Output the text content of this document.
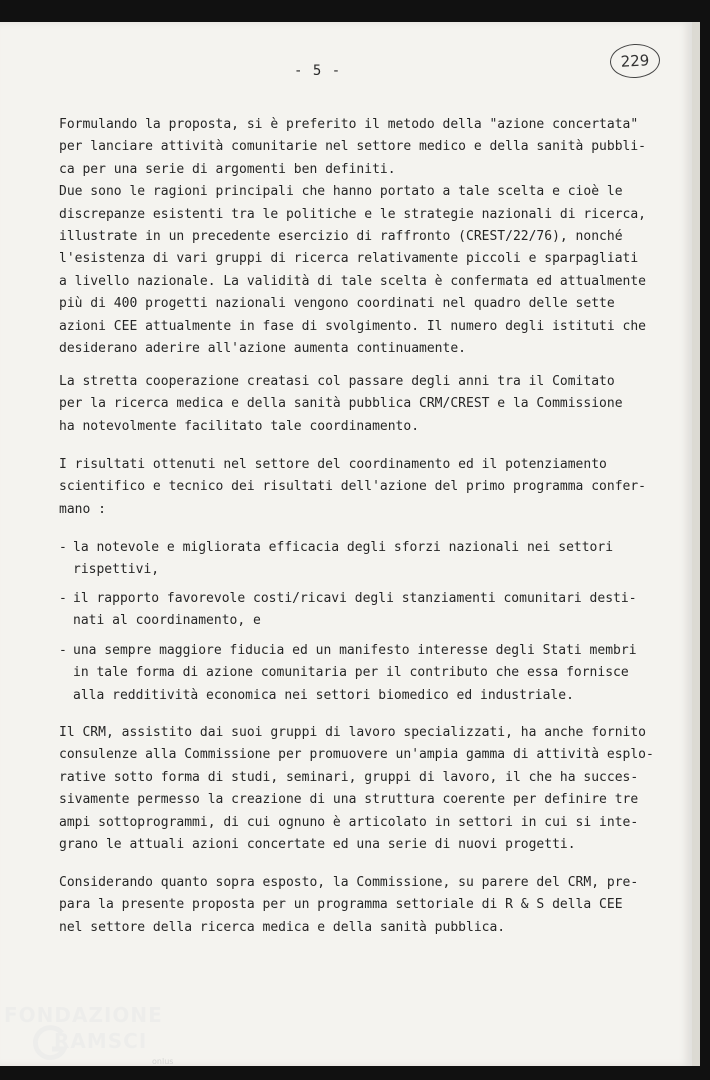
- 5 -
229
Formulando la proposta, si è preferito il metodo della "azione concertata"
per lanciare attività comunitarie nel settore medico e della sanità pubbli-
ca per una serie di argomenti ben definiti.
Due sono le ragioni principali che hanno portato a tale scelta e cioè le
discrepanze esistenti tra le politiche e le strategie nazionali di ricerca,
illustrate in un precedente esercizio di raffronto (CREST/22/76), nonché
l'esistenza di vari gruppi di ricerca relativamente piccoli e sparpagliati
a livello nazionale. La validità di tale scelta è confermata ed attualmente
più di 400 progetti nazionali vengono coordinati nel quadro delle sette
azioni CEE attualmente in fase di svolgimento. Il numero degli istituti che
desiderano aderire all'azione aumenta continuamente.
La stretta cooperazione creatasi col passare degli anni tra il Comitato
per la ricerca medica e della sanità pubblica CRM/CREST e la Commissione
ha notevolmente facilitato tale coordinamento.
I risultati ottenuti nel settore del coordinamento ed il potenziamento
scientifico e tecnico dei risultati dell'azione del primo programma confer-
mano :
- la notevole e migliorata efficacia degli sforzi nazionali nei settori
rispettivi,
- il rapporto favorevole costi/ricavi degli stanziamenti comunitari desti-
nati al coordinamento, e
- una sempre maggiore fiducia ed un manifesto interesse degli Stati membri
in tale forma di azione comunitaria per il contributo che essa fornisce
alla redditività economica nei settori biomedico ed industriale.
Il CRM, assistito dai suoi gruppi di lavoro specializzati, ha anche fornito
consulenze alla Commissione per promuovere un'ampia gamma di attività esplo-
rative sotto forma di studi, seminari, gruppi di lavoro, il che ha succes-
sivamente permesso la creazione di una struttura coerente per definire tre
ampi sottoprogrammi, di cui ognuno è articolato in settori in cui si inte-
grano le attuali azioni concertate ed una serie di nuovi progetti.
Considerando quanto sopra esposto, la Commissione, su parere del CRM, pre-
para la presente proposta per un programma settoriale di R & S della CEE
nel settore della ricerca medica e della sanità pubblica.
FONDAZIONE
RAMSCI
onlus
